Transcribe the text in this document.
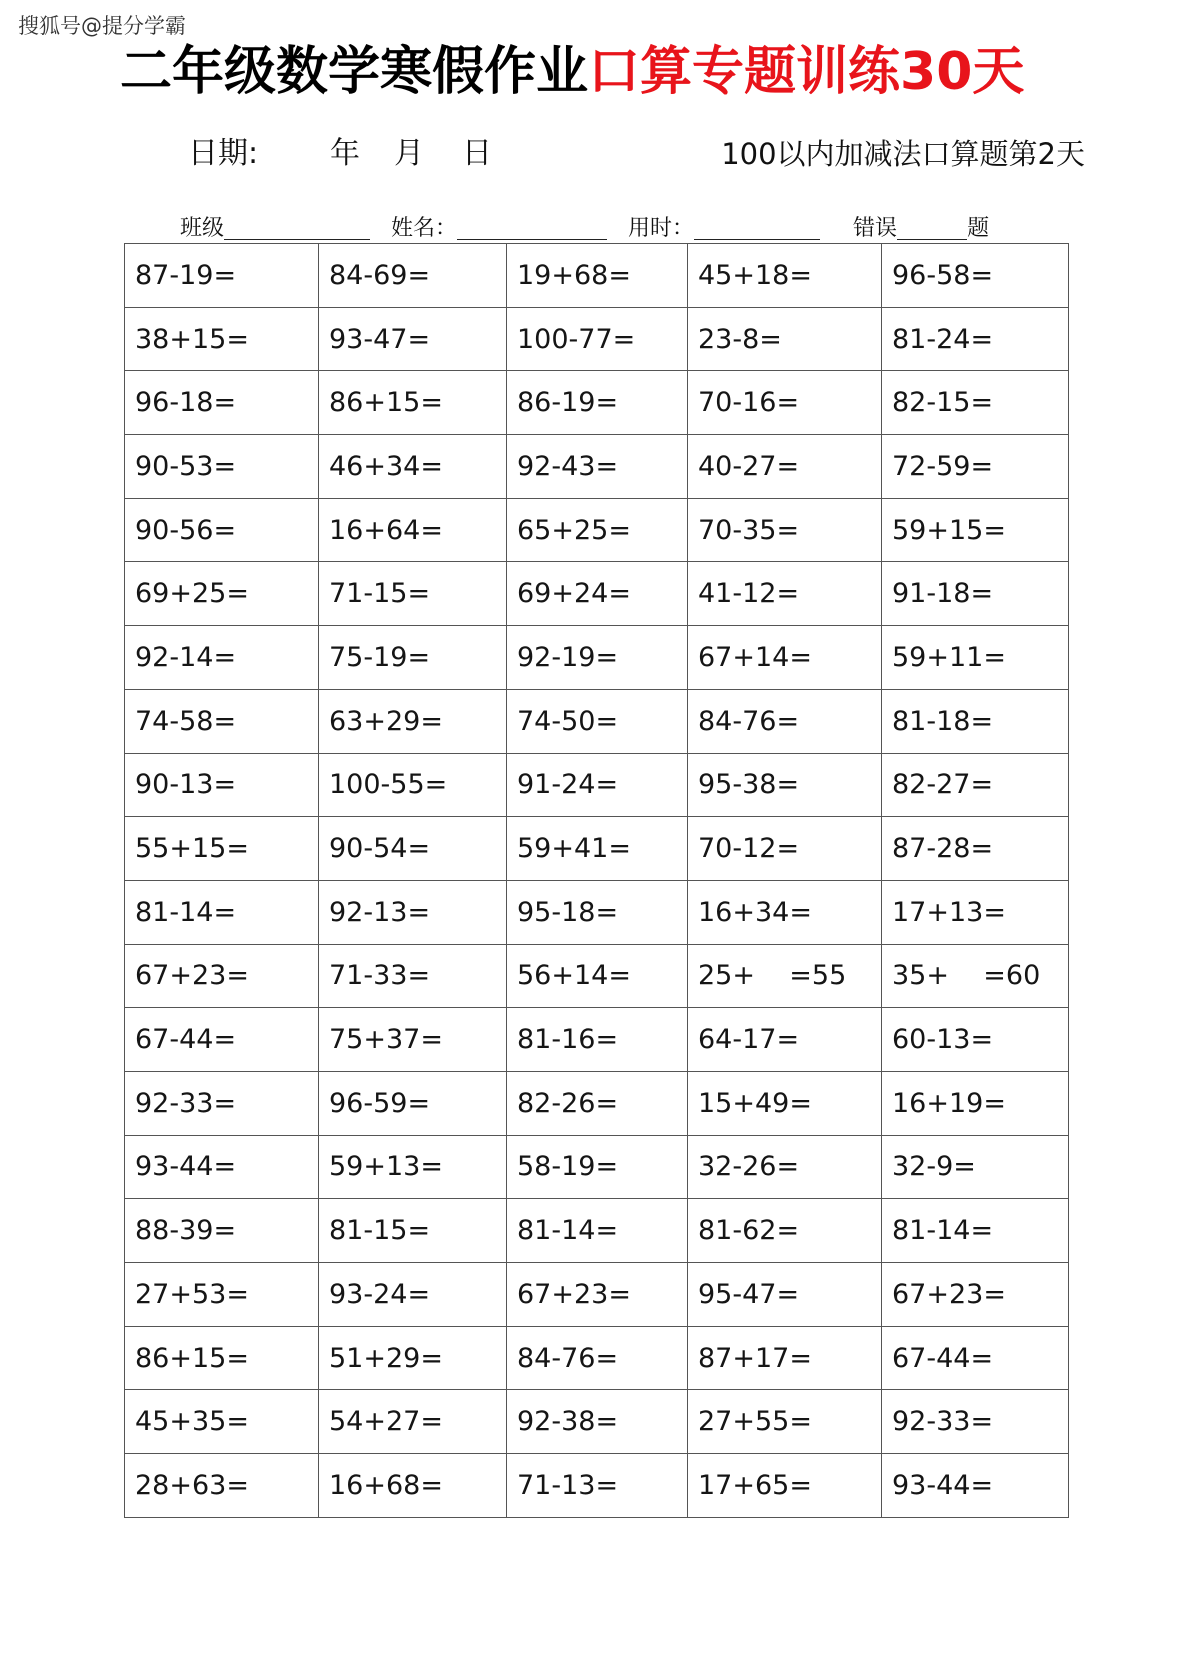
搜狐号@提分学霸
二年级数学寒假作业口算专题训练30天
日期: 年 月 日	100以内加减法口算题第2天
班级	姓名：	用时：	错误	题
87-19=	84-69=	19+68=	45+18=	96-58=
38+15=	93-47=	100-77=	23-8=	81-24=
96-18=	86+15=	86-19=	70-16=	82-15=
90-53=	46+34=	92-43=	40-27=	72-59=
90-56=	16+64=	65+25=	70-35=	59+15=
69+25=	71-15=	69+24=	41-12=	91-18=
92-14=	75-19=	92-19=	67+14=	59+11=
74-58=	63+29=	74-50=	84-76=	81-18=
90-13=	100-55=	91-24=	95-38=	82-27=
55+15=	90-54=	59+41=	70-12=	87-28=
81-14=	92-13=	95-18=	16+34=	17+13=
67+23=	71-33=	56+14=	25+    =55	35+    =60
67-44=	75+37=	81-16=	64-17=	60-13=
92-33=	96-59=	82-26=	15+49=	16+19=
93-44=	59+13=	58-19=	32-26=	32-9=
88-39=	81-15=	81-14=	81-62=	81-14=
27+53=	93-24=	67+23=	95-47=	67+23=
86+15=	51+29=	84-76=	87+17=	67-44=
45+35=	54+27=	92-38=	27+55=	92-33=
28+63=	16+68=	71-13=	17+65=	93-44=
